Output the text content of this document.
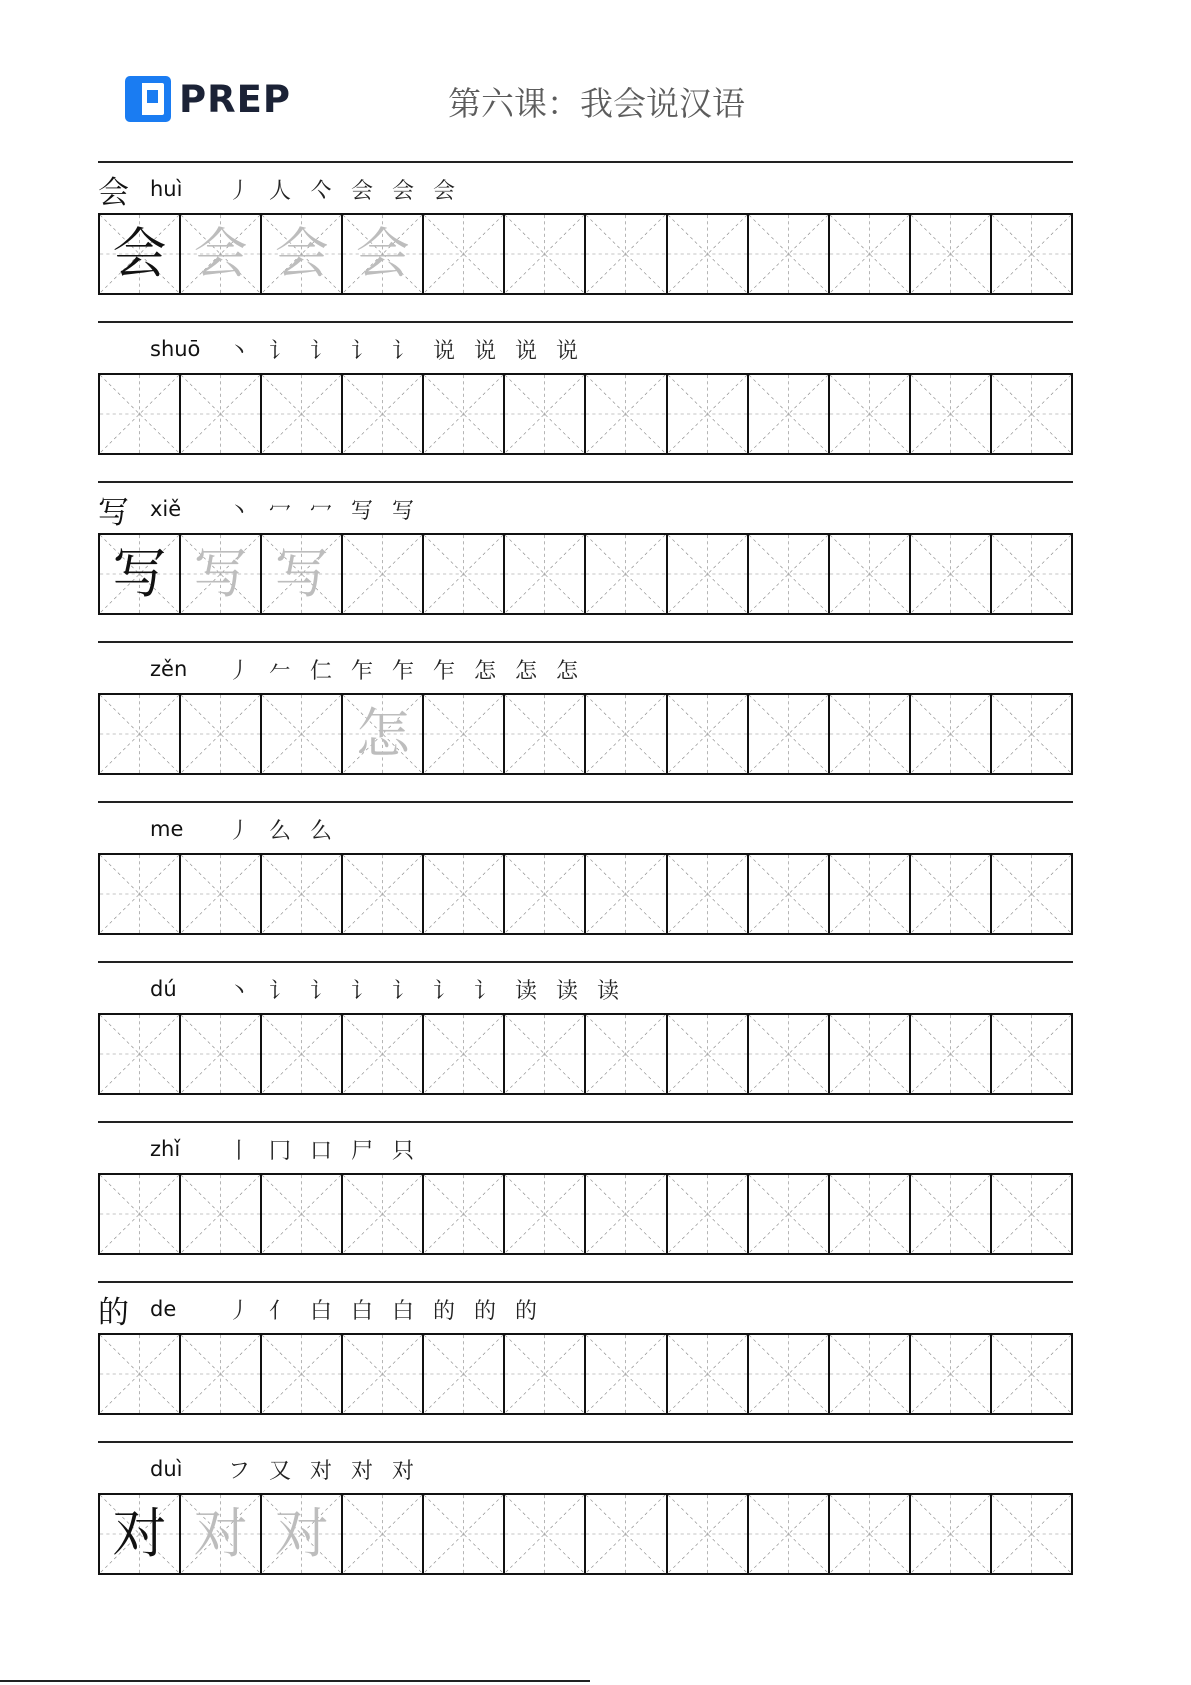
PREP	第六课：我会说汉语
会	huì	丿 人 亽 会 会 会
会 会 会 会
shuō	丶 讠 讠 讠 讠 说 说 说 说
写	xiě	丶 冖 冖 写 写
写 写 写
zěn	丿 𠂉 仁 乍 乍 乍 怎 怎 怎
怎
me	丿 么 么
dú	丶 讠 讠 讠 讠 讠 讠 读 读 读
zhǐ	丨 冂 口 尸 只
的	de	丿 亻 白 白 白 的 的 的
duì	フ 又 对 对 对
对 对 对
